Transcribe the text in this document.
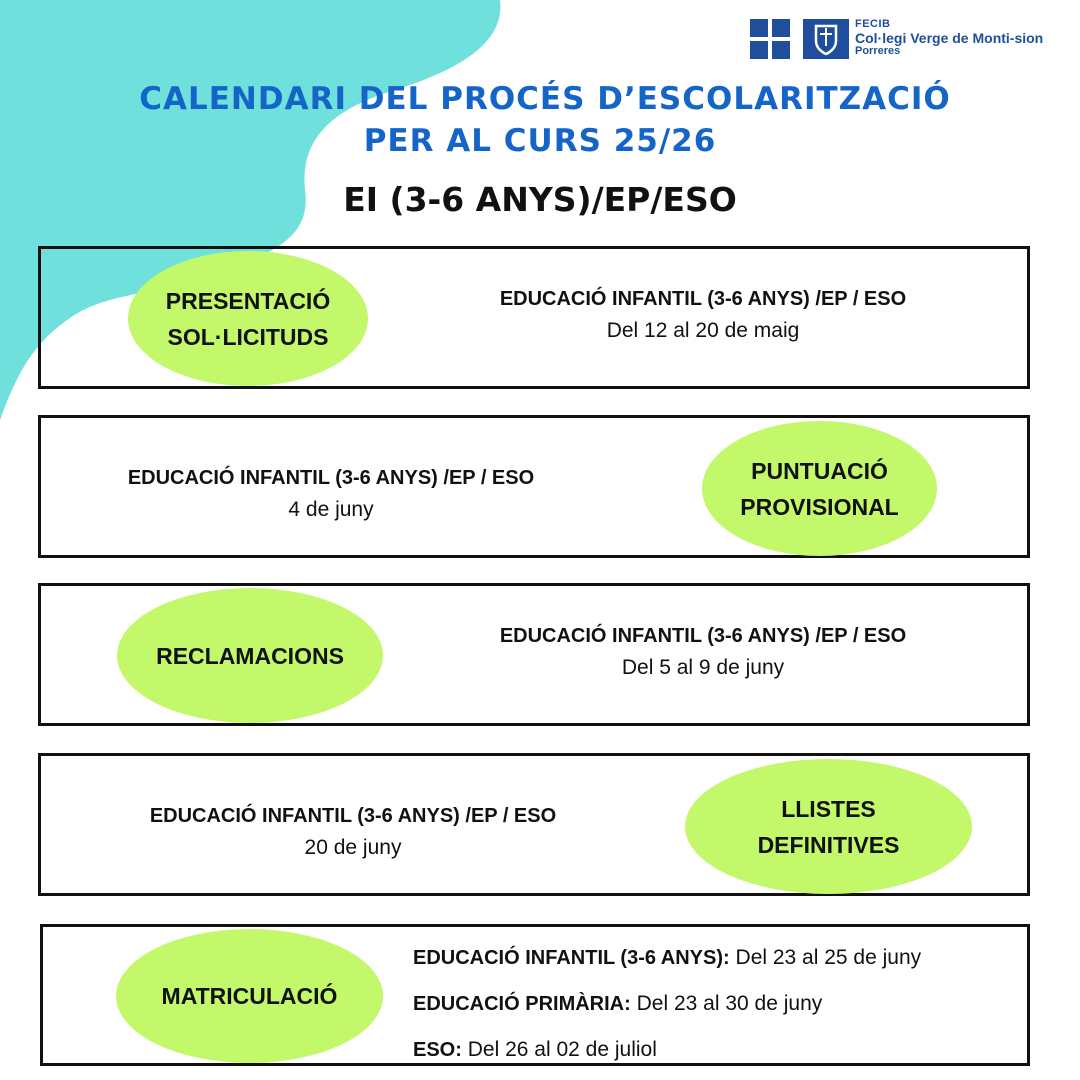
FECIB
Col·legi Verge de Monti-sion
Porreres
CALENDARI DEL PROCÉS D’ESCOLARITZACIÓ
PER AL CURS 25/26
EI (3-6 ANYS)/EP/ESO
PRESENTACIÓ
SOL·LICITUDS
EDUCACIÓ INFANTIL (3-6 ANYS) /EP / ESO
Del 12 al 20 de maig
PUNTUACIÓ
PROVISIONAL
EDUCACIÓ INFANTIL (3-6 ANYS) /EP / ESO
4 de juny
RECLAMACIONS
EDUCACIÓ INFANTIL (3-6 ANYS) /EP / ESO
Del 5 al 9 de juny
LLISTES
DEFINITIVES
EDUCACIÓ INFANTIL (3-6 ANYS) /EP / ESO
20 de juny
MATRICULACIÓ
EDUCACIÓ INFANTIL (3-6 ANYS): Del 23 al 25 de juny
EDUCACIÓ PRIMÀRIA: Del 23 al 30 de juny
ESO: Del 26 al 02 de juliol
